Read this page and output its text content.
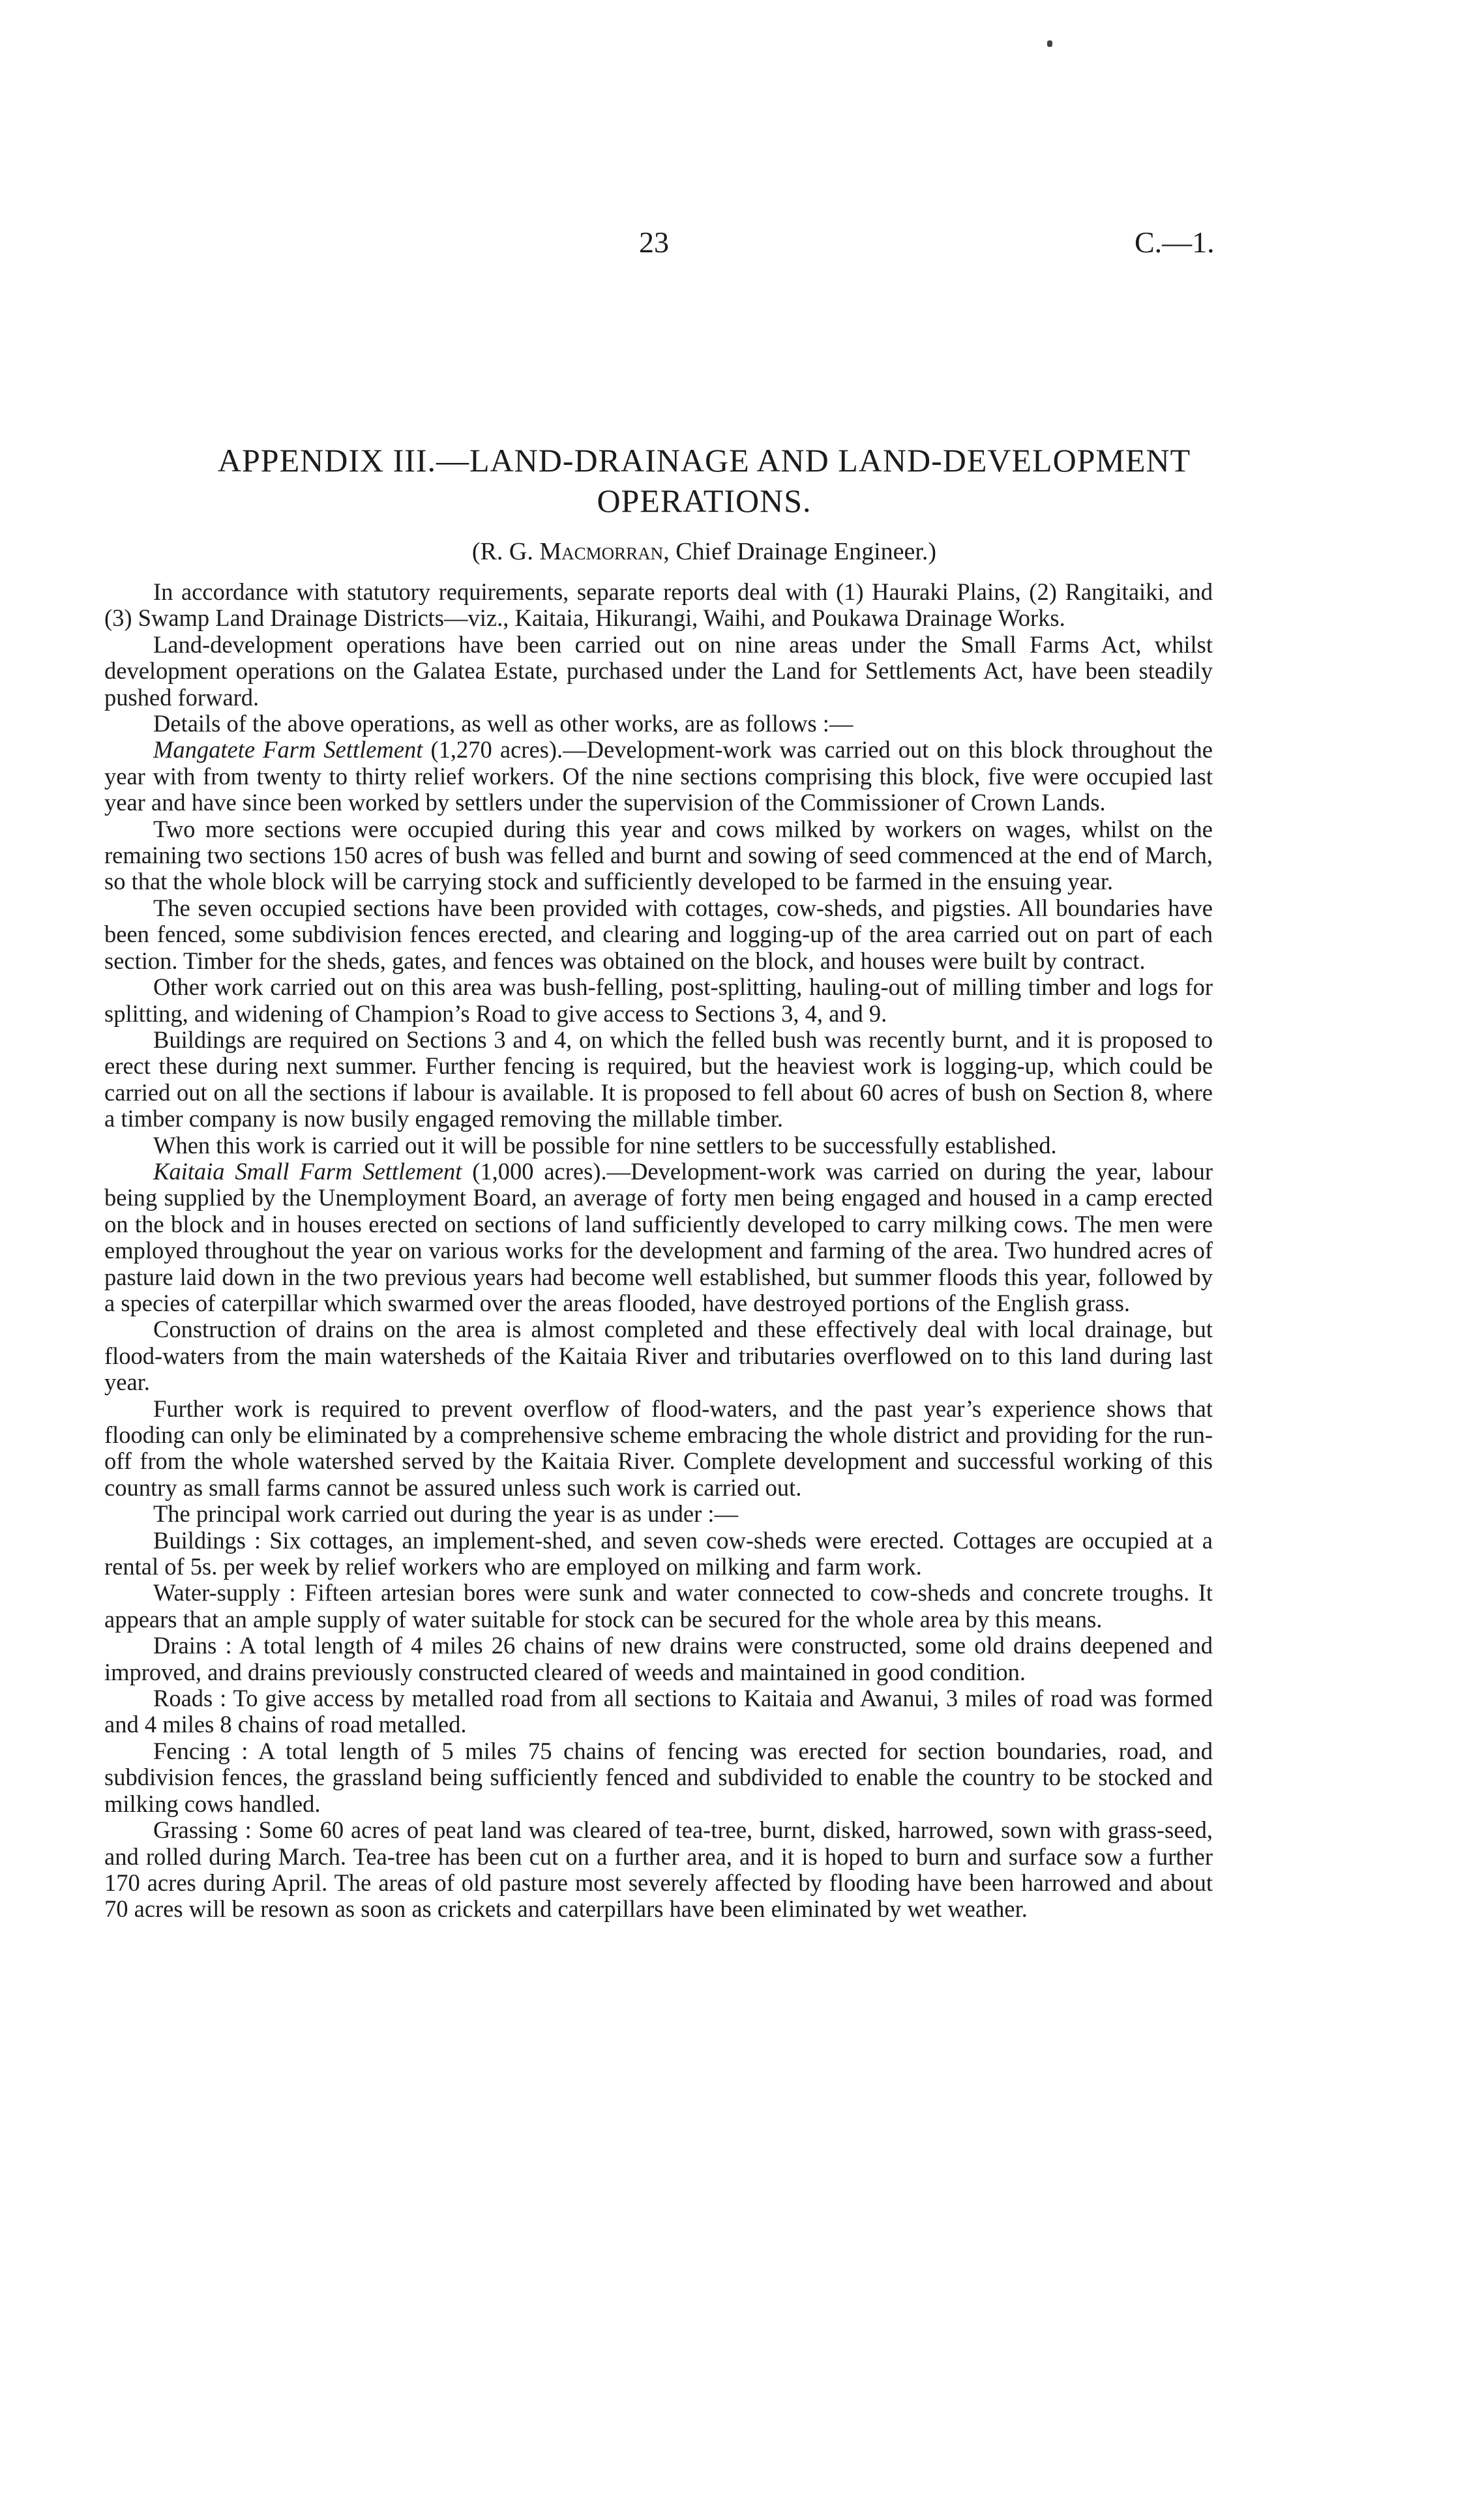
23	C.—1.
APPENDIX III.—LAND-DRAINAGE AND LAND-DEVELOPMENT
OPERATIONS.
(R. G. Macmorran, Chief Drainage Engineer.)

In accordance with statutory requirements, separate reports deal with (1) Hauraki Plains, (2) Rangitaiki, and (3) Swamp Land Drainage Districts—viz., Kaitaia, Hikurangi, Waihi, and Poukawa Drainage Works.

Land-development operations have been carried out on nine areas under the Small Farms Act, whilst development operations on the Galatea Estate, purchased under the Land for Settlements Act, have been steadily pushed forward.

Details of the above operations, as well as other works, are as follows :—

Mangatete Farm Settlement (1,270 acres).—Development-work was carried out on this block throughout the year with from twenty to thirty relief workers. Of the nine sections comprising this block, five were occupied last year and have since been worked by settlers under the supervision of the Commissioner of Crown Lands.

Two more sections were occupied during this year and cows milked by workers on wages, whilst on the remaining two sections 150 acres of bush was felled and burnt and sowing of seed commenced at the end of March, so that the whole block will be carrying stock and sufficiently developed to be farmed in the ensuing year.

The seven occupied sections have been provided with cottages, cow-sheds, and pigsties. All boundaries have been fenced, some subdivision fences erected, and clearing and logging-up of the area carried out on part of each section. Timber for the sheds, gates, and fences was obtained on the block, and houses were built by contract.

Other work carried out on this area was bush-felling, post-splitting, hauling-out of milling timber and logs for splitting, and widening of Champion’s Road to give access to Sections 3, 4, and 9.

Buildings are required on Sections 3 and 4, on which the felled bush was recently burnt, and it is proposed to erect these during next summer. Further fencing is required, but the heaviest work is logging-up, which could be carried out on all the sections if labour is available. It is proposed to fell about 60 acres of bush on Section 8, where a timber company is now busily engaged removing the millable timber.

When this work is carried out it will be possible for nine settlers to be successfully established.

Kaitaia Small Farm Settlement (1,000 acres).—Development-work was carried on during the year, labour being supplied by the Unemployment Board, an average of forty men being engaged and housed in a camp erected on the block and in houses erected on sections of land sufficiently developed to carry milking cows. The men were employed throughout the year on various works for the development and farming of the area. Two hundred acres of pasture laid down in the two previous years had become well established, but summer floods this year, followed by a species of caterpillar which swarmed over the areas flooded, have destroyed portions of the English grass.

Construction of drains on the area is almost completed and these effectively deal with local drainage, but flood-waters from the main watersheds of the Kaitaia River and tributaries overflowed on to this land during last year.

Further work is required to prevent overflow of flood-waters, and the past year’s experience shows that flooding can only be eliminated by a comprehensive scheme embracing the whole district and providing for the run-off from the whole watershed served by the Kaitaia River. Complete development and successful working of this country as small farms cannot be assured unless such work is carried out.

The principal work carried out during the year is as under :—

Buildings : Six cottages, an implement-shed, and seven cow-sheds were erected. Cottages are occupied at a rental of 5s. per week by relief workers who are employed on milking and farm work.

Water-supply : Fifteen artesian bores were sunk and water connected to cow-sheds and concrete troughs. It appears that an ample supply of water suitable for stock can be secured for the whole area by this means.

Drains : A total length of 4 miles 26 chains of new drains were constructed, some old drains deepened and improved, and drains previously constructed cleared of weeds and maintained in good condition.

Roads : To give access by metalled road from all sections to Kaitaia and Awanui, 3 miles of road was formed and 4 miles 8 chains of road metalled.

Fencing : A total length of 5 miles 75 chains of fencing was erected for section boundaries, road, and subdivision fences, the grassland being sufficiently fenced and subdivided to enable the country to be stocked and milking cows handled.

Grassing : Some 60 acres of peat land was cleared of tea-tree, burnt, disked, harrowed, sown with grass-seed, and rolled during March. Tea-tree has been cut on a further area, and it is hoped to burn and surface sow a further 170 acres during April. The areas of old pasture most severely affected by flooding have been harrowed and about 70 acres will be resown as soon as crickets and caterpillars have been eliminated by wet weather.
